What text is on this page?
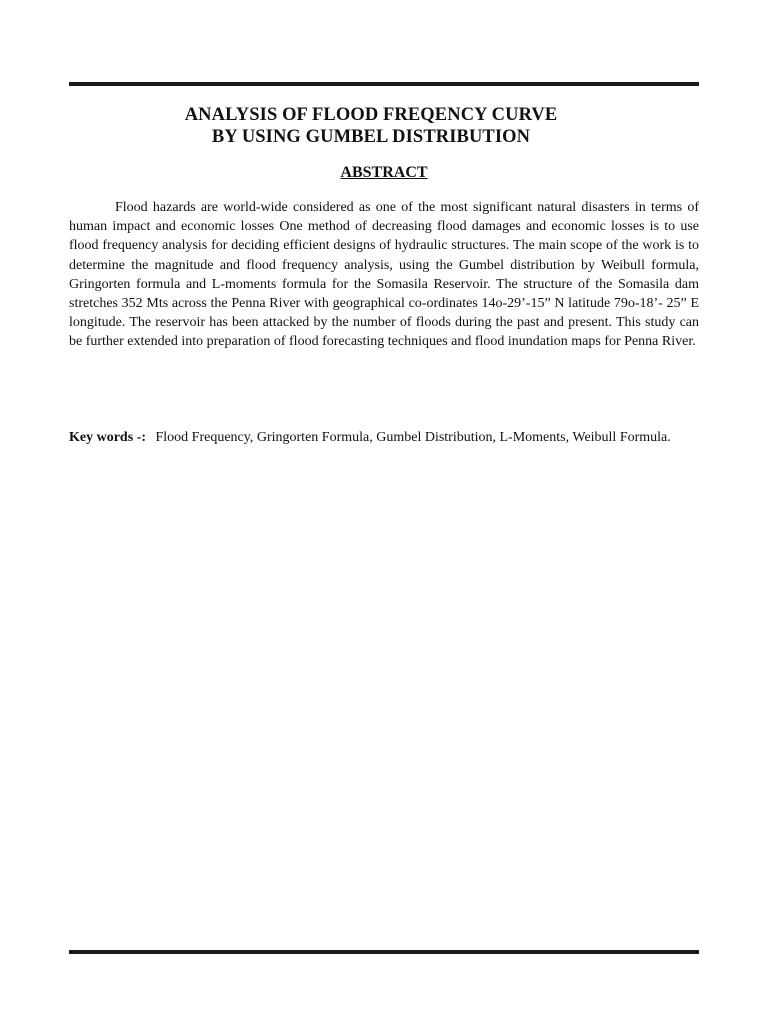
ANALYSIS OF FLOOD FREQENCY CURVE
BY USING GUMBEL DISTRIBUTION
ABSTRACT

Flood hazards are world-wide considered as one of the most significant natural disasters in terms of human impact and economic losses One method of decreasing flood damages and economic losses is to use flood frequency analysis for deciding efficient designs of hydraulic structures. The main scope of the work is to determine the magnitude and flood frequency analysis, using the Gumbel distribution by Weibull formula, Gringorten formula and L-moments formula for the Somasila Reservoir. The structure of the Somasila dam stretches 352 Mts across the Penna River with geographical co-ordinates 14o-29’-15” N latitude 79o-18’- 25” E longitude. The reservoir has been attacked by the number of floods during the past and present. This study can be further extended into preparation of flood forecasting techniques and flood inundation maps for Penna River.

Key words -: Flood Frequency, Gringorten Formula, Gumbel Distribution, L-Moments, Weibull Formula.
